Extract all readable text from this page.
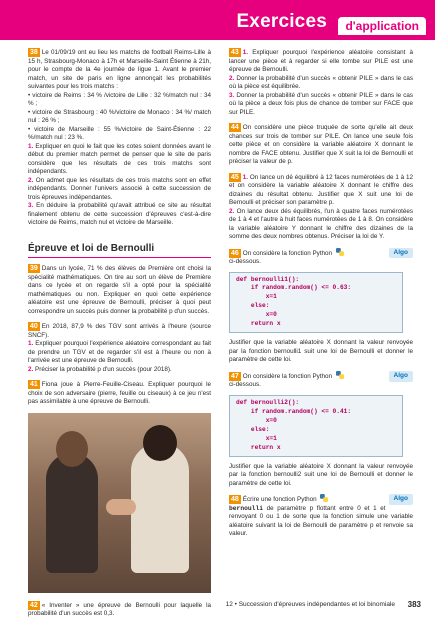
Exercices	d'application
38 Le 01/09/19 ont eu lieu les matchs de football Reims-Lille à 15 h, Strasbourg-Monaco à 17h et Marseille-Saint Étienne à 21h, pour le compte de la 4e journée de ligue 1. Avant le premier match, un site de paris en ligne annonçait les probabilités suivantes pour les trois matchs :
• victoire de Reims : 34 % /victoire de Lille : 32 %/match nul : 34 % ;
• victoire de Strasbourg : 40 %/victoire de Monaco : 34 %/ match nul : 26 % ;
• victoire de Marseille : 55 %/victoire de Saint-Étienne : 22 %/match nul : 23 %.
1. Expliquer en quoi le fait que les cotes soient données avant le début du premier match permet de penser que le site de paris considère que les résultats de ces trois matchs sont indépendants.
2. On admet que les résultats de ces trois matchs sont en effet indépendants. Donner l'univers associé à cette succession de trois épreuves indépendantes.
3. En déduire la probabilité qu'avait attribué ce site au résultat finalement obtenu de cette succession d'épreuves c'est-à-dire victoire de Reims, match nul et victoire de Marseille.
Épreuve et loi de Bernoulli
39 Dans un lycée, 71 % des élèves de Première ont choisi la spécialité mathématiques. On tire au sort un élève de Première dans ce lycée et on regarde s'il a opté pour la spécialité mathématiques ou non. Expliquer en quoi cette expérience aléatoire est une épreuve de Bernoulli, préciser à quoi peut correspondre un succès puis donner la probabilité p d'un succès.
40 En 2018, 87,9 % des TGV sont arrivés à l'heure (source SNCF).
1. Expliquer pourquoi l'expérience aléatoire correspondant au fait de prendre un TGV et de regarder s'il est à l'heure ou non à l'arrivée est une épreuve de Bernoulli.
2. Préciser la probabilité p d'un succès (pour 2018).
41 Fiona joue à Pierre-Feuille-Ciseau. Expliquer pourquoi le choix de son adversaire (pierre, feuille ou ciseaux) à ce jeu n'est pas assimilable à une épreuve de Bernoulli.
42 « Inventer » une épreuve de Bernoulli pour laquelle la probabilité d'un succès est 0,3.
43 1. Expliquer pourquoi l'expérience aléatoire consistant à lancer une pièce et à regarder si elle tombe sur PILE est une épreuve de Bernoulli.
2. Donner la probabilité d'un succès « obtenir PILE » dans le cas où la pièce est équilibrée.
3. Donner la probabilité d'un succès « obtenir PILE » dans le cas où la pièce a deux fois plus de chance de tomber sur FACE que sur PILE.
44 On considère une pièce truquée de sorte qu'elle ait deux chances sur trois de tomber sur PILE. On lance une seule fois cette pièce et on considère la variable aléatoire X donnant le nombre de FACE obtenu. Justifier que X suit la loi de Bernoulli et préciser la valeur de p.
45 1. On lance un dé équilibré à 12 faces numérotées de 1 à 12 et on considère la variable aléatoire X donnant le chiffre des dizaines du résultat obtenu. Justifier que X suit une loi de Bernoulli et préciser son paramètre p.
2. On lance deux dés équilibrés, l'un à quatre faces numérotées de 1 à 4 et l'autre à huit faces numérotées de 1 à 8. On considère la variable aléatoire Y donnant le chiffre des dizaines de la somme des deux nombres obtenus. Préciser la loi de Y.
Algo
46 On considère la fonction Python
ci-dessous.
def bernoulli1():
if random.random() <= 0.63:
x=1
else:
x=0
return x
Justifier que la variable aléatoire X donnant la valeur renvoyée par la fonction bernoulli1 suit une loi de Bernoulli et donner le paramètre de cette loi.
Algo
47 On considère la fonction Python
ci-dessous.
def bernoulli2():
if random.random() <= 0.41:
x=0
else:
x=1
return x
Justifier que la variable aléatoire X donnant la valeur renvoyée par la fonction bernoulli2 suit une loi de Bernoulli et donner le paramètre de cette loi.
Algo
48 Écrire une fonction Python
bernoulli de paramètre p flottant entre 0 et 1 et renvoyant 0 ou 1 de sorte que la fonction simule une variable aléatoire suivant la loi de Bernoulli de paramètre p et renvoie sa valeur.
12 • Succession d'épreuves indépendantes et loi binomiale 383
